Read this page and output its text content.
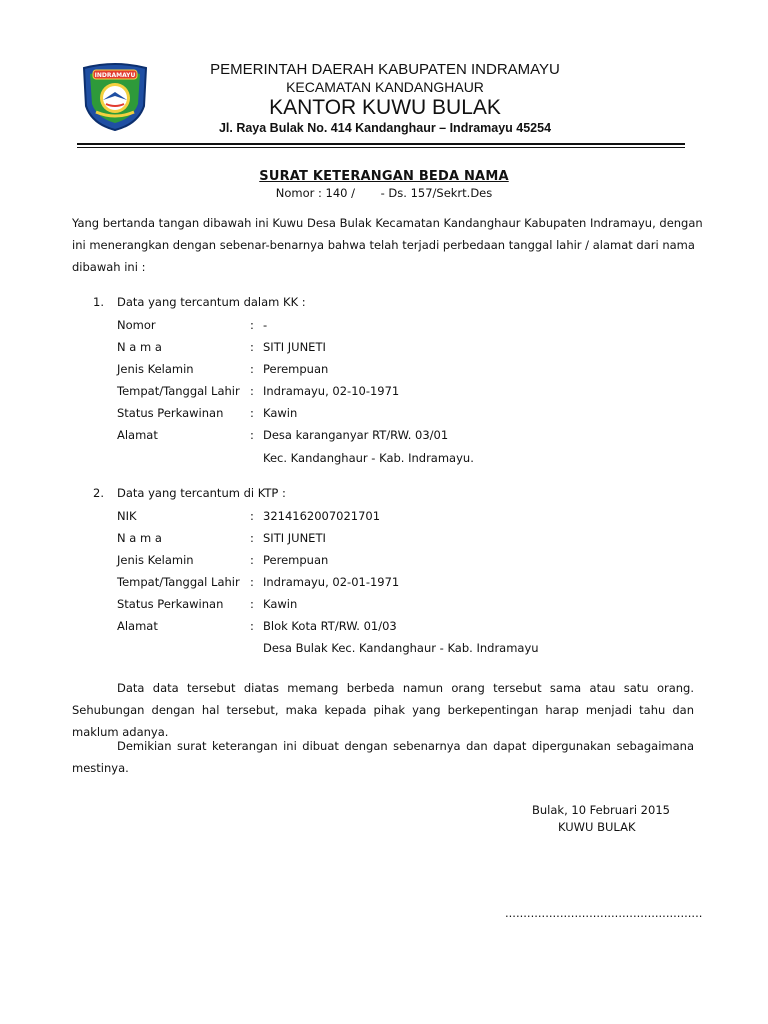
INDRAMAYU	PEMERINTAH DAERAH KABUPATEN INDRAMAYU
KECAMATAN KANDANGHAUR
KANTOR KUWU BULAK
Jl. Raya Bulak No. 414 Kandanghaur – Indramayu 45254
SURAT KETERANGAN BEDA NAMA
Nomor : 140 /       - Ds. 157/Sekrt.Des
Yang bertanda tangan dibawah ini Kuwu Desa Bulak Kecamatan Kandanghaur Kabupaten Indramayu, dengan
ini menerangkan dengan sebenar-benarnya bahwa telah terjadi perbedaan tanggal lahir / alamat dari nama
dibawah ini :
1. Data yang tercantum dalam KK :
Nomor	: -
N a m a	: SITI JUNETI
Jenis Kelamin	: Perempuan
Tempat/Tanggal Lahir : Indramayu, 02-10-1971
Status Perkawinan : Kawin
Alamat	: Desa karanganyar RT/RW. 03/01
Kec. Kandanghaur - Kab. Indramayu.
2. Data yang tercantum di KTP :
NIK	: 3214162007021701
N a m a	: SITI JUNETI
Jenis Kelamin	: Perempuan
Tempat/Tanggal Lahir : Indramayu, 02-01-1971
Status Perkawinan : Kawin
Alamat	: Blok Kota RT/RW. 01/03
Desa Bulak Kec. Kandanghaur - Kab. Indramayu
Data data tersebut diatas memang berbeda namun orang tersebut sama atau satu orang. Sehubungan dengan hal tersebut, maka kepada pihak yang berkepentingan harap menjadi tahu dan maklum adanya.
Demikian surat keterangan ini dibuat dengan sebenarnya dan dapat dipergunakan sebagaimana mestinya.
Bulak, 10 Februari 2015
KUWU BULAK
......................................................
